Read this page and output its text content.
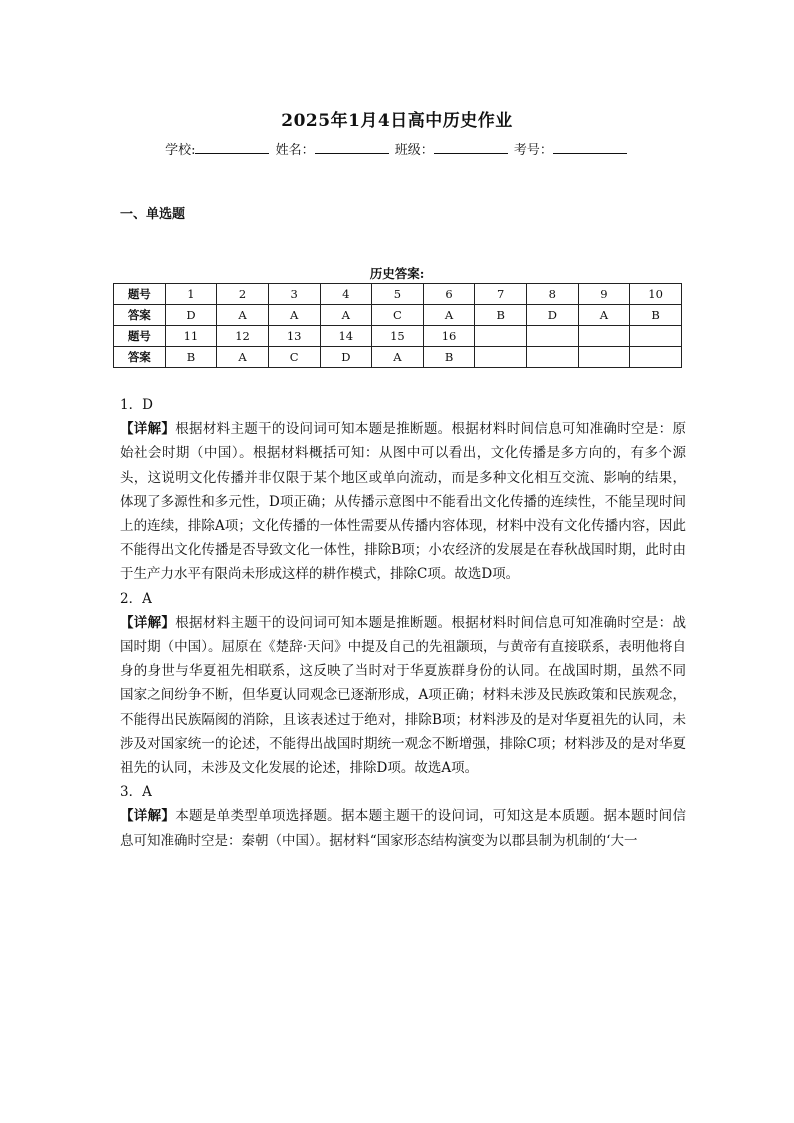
2025年1月4日高中历史作业
学校:	姓名：	班级：	考号：
一、单选题
历史答案:
题号	1	2	3	4	5	6	7	8	9	10
答案	D	A	A	A	C	A	B	D	A	B
题号	11	12	13	14	15	16				
答案	B	A	C	D	A	B				

1．D

【详解】根据材料主题干的设问词可知本题是推断题。根据材料时间信息可知准确时空是：原始社会时期（中国）。根据材料概括可知：从图中可以看出，文化传播是多方向的，有多个源头，这说明文化传播并非仅限于某个地区或单向流动，而是多种文化相互交流、影响的结果，体现了多源性和多元性，D项正确；从传播示意图中不能看出文化传播的连续性，不能呈现时间上的连续，排除A项；文化传播的一体性需要从传播内容体现，材料中没有文化传播内容，因此不能得出文化传播是否导致文化一体性，排除B项；小农经济的发展是在春秋战国时期，此时由于生产力水平有限尚未形成这样的耕作模式，排除C项。故选D项。

2．A

【详解】根据材料主题干的设问词可知本题是推断题。根据材料时间信息可知准确时空是：战国时期（中国）。屈原在《楚辞·天问》中提及自己的先祖颛顼，与黄帝有直接联系，表明他将自身的身世与华夏祖先相联系，这反映了当时对于华夏族群身份的认同。在战国时期，虽然不同国家之间纷争不断，但华夏认同观念已逐渐形成，A项正确；材料未涉及民族政策和民族观念，不能得出民族隔阂的消除，且该表述过于绝对，排除B项；材料涉及的是对华夏祖先的认同，未涉及对国家统一的论述，不能得出战国时期统一观念不断增强，排除C项；材料涉及的是对华夏祖先的认同，未涉及文化发展的论述，排除D项。故选A项。

3．A

【详解】本题是单类型单项选择题。据本题主题干的设问词，可知这是本质题。据本题时间信息可知准确时空是：秦朝（中国）。据材料“国家形态结构演变为以郡县制为机制的‘大一
